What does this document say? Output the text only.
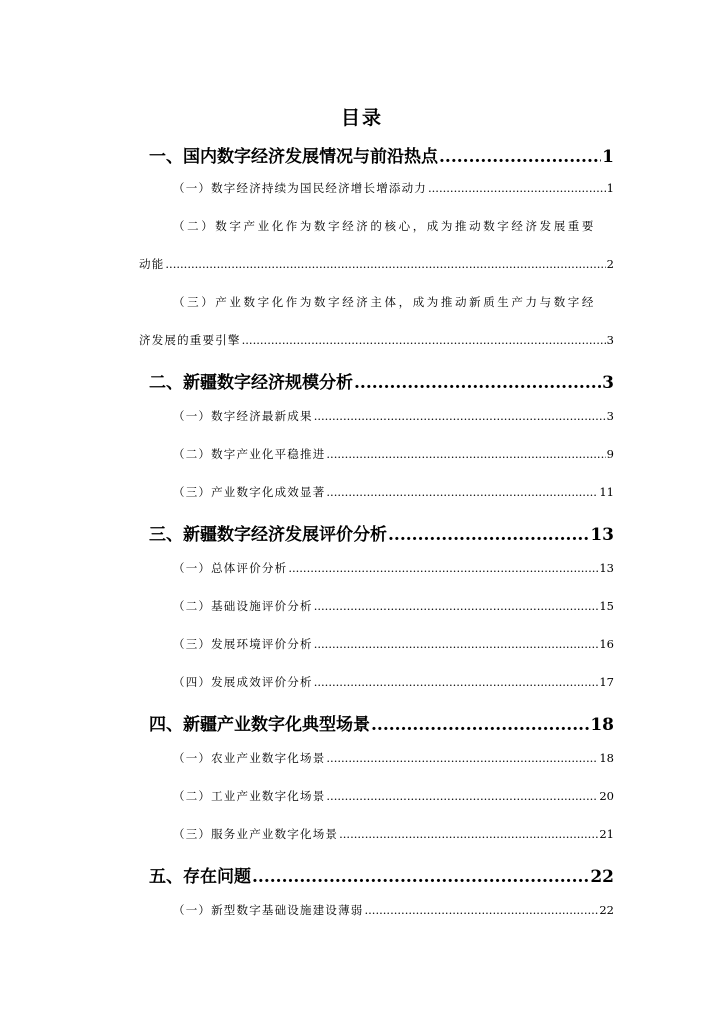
目录
一、国内数字经济发展情况与前沿热点 .....	1
（一）数字经济持续为国民经济增长增添动力 .....	1
（二）数字产业化作为数字经济的核心，成为推动数字经济发展重要
动能 .....	2
（三）产业数字化作为数字经济主体，成为推动新质生产力与数字经
济发展的重要引擎 .....	3
二、新疆数字经济规模分析 .....	3
（一）数字经济最新成果 .....	3
（二）数字产业化平稳推进 .....	9
（三）产业数字化成效显著 .....	11
三、新疆数字经济发展评价分析 .....	13
（一）总体评价分析 .....	13
（二）基础设施评价分析 .....	15
（三）发展环境评价分析 .....	16
（四）发展成效评价分析 .....	17
四、新疆产业数字化典型场景 .....	18
（一）农业产业数字化场景 .....	18
（二）工业产业数字化场景 .....	20
（三）服务业产业数字化场景 .....	21
五、存在问题 .....	22
（一）新型数字基础设施建设薄弱 .....	22
